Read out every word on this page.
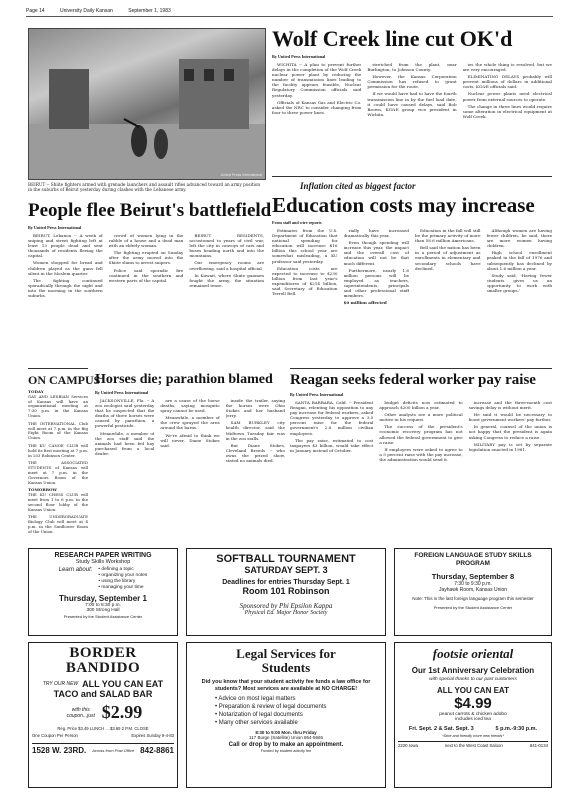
Page 14	University Daily Kansan	September 1, 1983
United Press International
BEIRUT -- Shiite fighters armed with grenade launchers and assault rifles advanced toward an army position in the suburbs of Beirut yesterday during clashes with the Lebanese army.
People flee Beirut's battlefield
By United Press International

BEIRUT, Lebanon -- A week of sniping and street fighting left at least 13 people dead and sent thousands of residents fleeing the capital.

Women shopped for bread and children played as the guns fell silent in the Moslem quarter.

The fighting continued sporadically through the night and into the morning in the southern suburbs.

crowd of women lying in the rubble of a house and a dead man with an elderly woman.

The fighting erupted on Sunday after the army moved into the Shiite slums to arrest snipers.

Police said sporadic fire continued in the southern and western parts of the capital.

BEIRUT RESIDENTS, accustomed to years of civil war, left the city in convoys of cars and buses heading north and into the mountains.

Our emergency rooms are overflowing, said a hospital official.

In Kuwait, where Shiite gunmen fought the army, the situation remained tense.

ON CAMPUS
TODAY
GAY AND LESBIAN Services of Kansas will have an organizational meeting at 7:30 p.m. in the Kansas Union.
THE INTERNATIONAL Club will meet at 7 p.m. in the Big Eight Room of the Kansas Union.
THE KU CANOE CLUB will hold its first meeting at 7 p.m. in 203 Robinson Center.
THE ASSOCIATED STUDENTS of Kansas will meet at 7 p.m. in the Governors Room of the Kansas Union.
TOMORROW
THE KU CHESS CLUB will meet from 1 to 6 p.m. in the second floor lobby of the Kansas Union.
THE UNDERGRADUATE Biology Club will meet at 4 p.m. in the Sunflower Room of the Union.
Horses die; parathion blamed
By United Press International

JACKSONVILLE, Fla. -- A zoo zoologist said yesterday that he suspected that the deaths of three horses were caused by parathion, a powerful pesticide.

Meanwhile, a member of the zoo staff said the animals had been fed hay purchased from a local dealer.

are a cause of the horse deaths, saying mosquito spray cannot be used.

Meanwhile, a member of the crew sprayed the area around the barns.

We're afraid to think we will never, Diane Stokes said.

inside the trailer, saying the horses were Ohio Stokes and her husband Jerry.

SAM BURKLEY city health director, said the Midtown Tuesday fair was in the zoo stalls.

But Diane Stokes, Cleveland Breeds -- who owns the prized show, stated no animals died.

Wolf Creek line cut OK'd
By United Press International

WICHITA -- A plan to prevent further delays in the completion of the Wolf Creek nuclear power plant by reducing the number of transmission lines leading to the facility appears feasible, Nuclear Regulatory Commission officials said yesterday.

Officials of Kansas Gas and Electric Co. asked the NRC to consider changing from four to three power lines.

stretched from the plant, near Burlington, to Johnson County.

However, the Kansas Corporation Commission has refused to grant permission for the route.

If we would have had to have the fourth transmission line in by the fuel load date, it could have caused delays, said Bob Brown, KG&E group vice president in Wichita.

ies the whole thing is resolved, but we are very encouraged.

ELIMINATING DELAYS probably will prevent millions of dollars in additional costs, KG&E officials said.

Nuclear power plants need electrical power from external sources to operate.

The change in three lines would require some alteration in electrical equipment at Wolf Creek.

Inflation cited as biggest factor
Education costs may increase
From staff and wire reports

Estimates from the U.S. Department of Education that national spending for education will increase $16 billion this school year are somewhat misleading, a KU professor said yesterday.

Education costs are expected to increase to $230 billion from last year's expenditures of $214 billion, said Secretary of Education Terrell Bell.

rially have increased dramatically this year.

Even though spending will increase this year, the impact and the overall cost of education will not be that much different.

Furthermore, nearly 1.6 million persons will be employed as teachers, superintendents, principals and other professional staff members.

$0 million affected

Education in the fall will still be the primary activity of more than 58.6 million Americans.

Bell said the nation has been in a period of adjustment as enrollments in elementary and secondary schools have declined.

Although women are having fewer children, he said, there are more women having children.

High school enrollment peaked in the fall of 1976 and subsequently has declined by about 1.6 million a year.

Study said, 'Having fewer students gives us an opportunity to work with smaller groups.'

Reagan seeks federal worker pay raise
By United Press International

SANTA BARBARA, Calif. -- President Reagan, relenting his opposition to any pay increase for federal workers, asked Congress yesterday to approve a 3.5 percent raise for the federal government's 2.8 million civilian employees.

The pay raise, estimated to cost taxpayers $3 billion, would take effect in January instead of October.

budget deficits now estimated to approach $200 billion a year.

Other analysts see a more political motive in his request.

The success of the president's economic recovery program has not allowed the federal government to give a raise.

If employees were asked to agree to a 5 percent raise with the pay increase, the administration would send it.

increase and the three-month cost savings delay is without merit.

He said it would be necessary to boost government workers' pay further.

In general, counsel of the union is not happy that the president is again asking Congress to reduce a raise.

MILITARY pay is set by separate legislation enacted in 1981.

RESEARCH PAPER WRITING
Study Skills Workshop
Learn about: • defining a topic
• organizing your notes
• using the library
• managing your time
Thursday, September 1
7:00 to 8:30 p.m.
300 Strong Hall
Presented by the Student Assistance Center
SOFTBALL TOURNAMENT
SATURDAY SEPT. 3
Deadlines for entries Thursday Sept. 1
Room 101 Robinson
Sponsored by Phi Epsilon Kappa
Physical Ed. Major Honor Society
FOREIGN LANGUAGE STUDY SKILLS PROGRAM
Thursday, September 8
7:30 to 9:30 p.m.
Jayhawk Room, Kansas Union
Note: This is the last foreign language program this semester
Presented by the Student Assistance Center
BORDER BANDIDO
TRY OUR NEW ALL YOU CAN EAT
TACO and SALAD BAR
with this coupon...just $2.99
Reg. Price $3.49 LUNCH ... $3.69 2 P.M. CLOSE
One Coupon Per Person	Expires Sunday 9-4-83
1528 W. 23RD. Across from Post Office 842-8861
Legal Services for Students
Did you know that your student activity fee funds a law office for students? Most services are available at NO CHARGE!
• Advice on most legal matters
• Preparation & review of legal documents
• Notarization of legal documents
• Many other services available
8:30 to 5:00 Mon. thru Friday
117 Burge (Satellite) Union 864-5665
Call or drop by to make an appointment.
Funded by student activity fee
footsie oriental
Our 1st Anniversary Celebration
with special thanks to our past customers
ALL YOU CAN EAT
$4.99
peanut carrots & chicken adobo
includes iced tea
Fri. Sept. 2 & Sat. Sept. 3	5 p.m.-9:30 p.m.
*Dine and friendly more new friends*
2220 Iowa	next to the West Coast Saloon	841-0134
